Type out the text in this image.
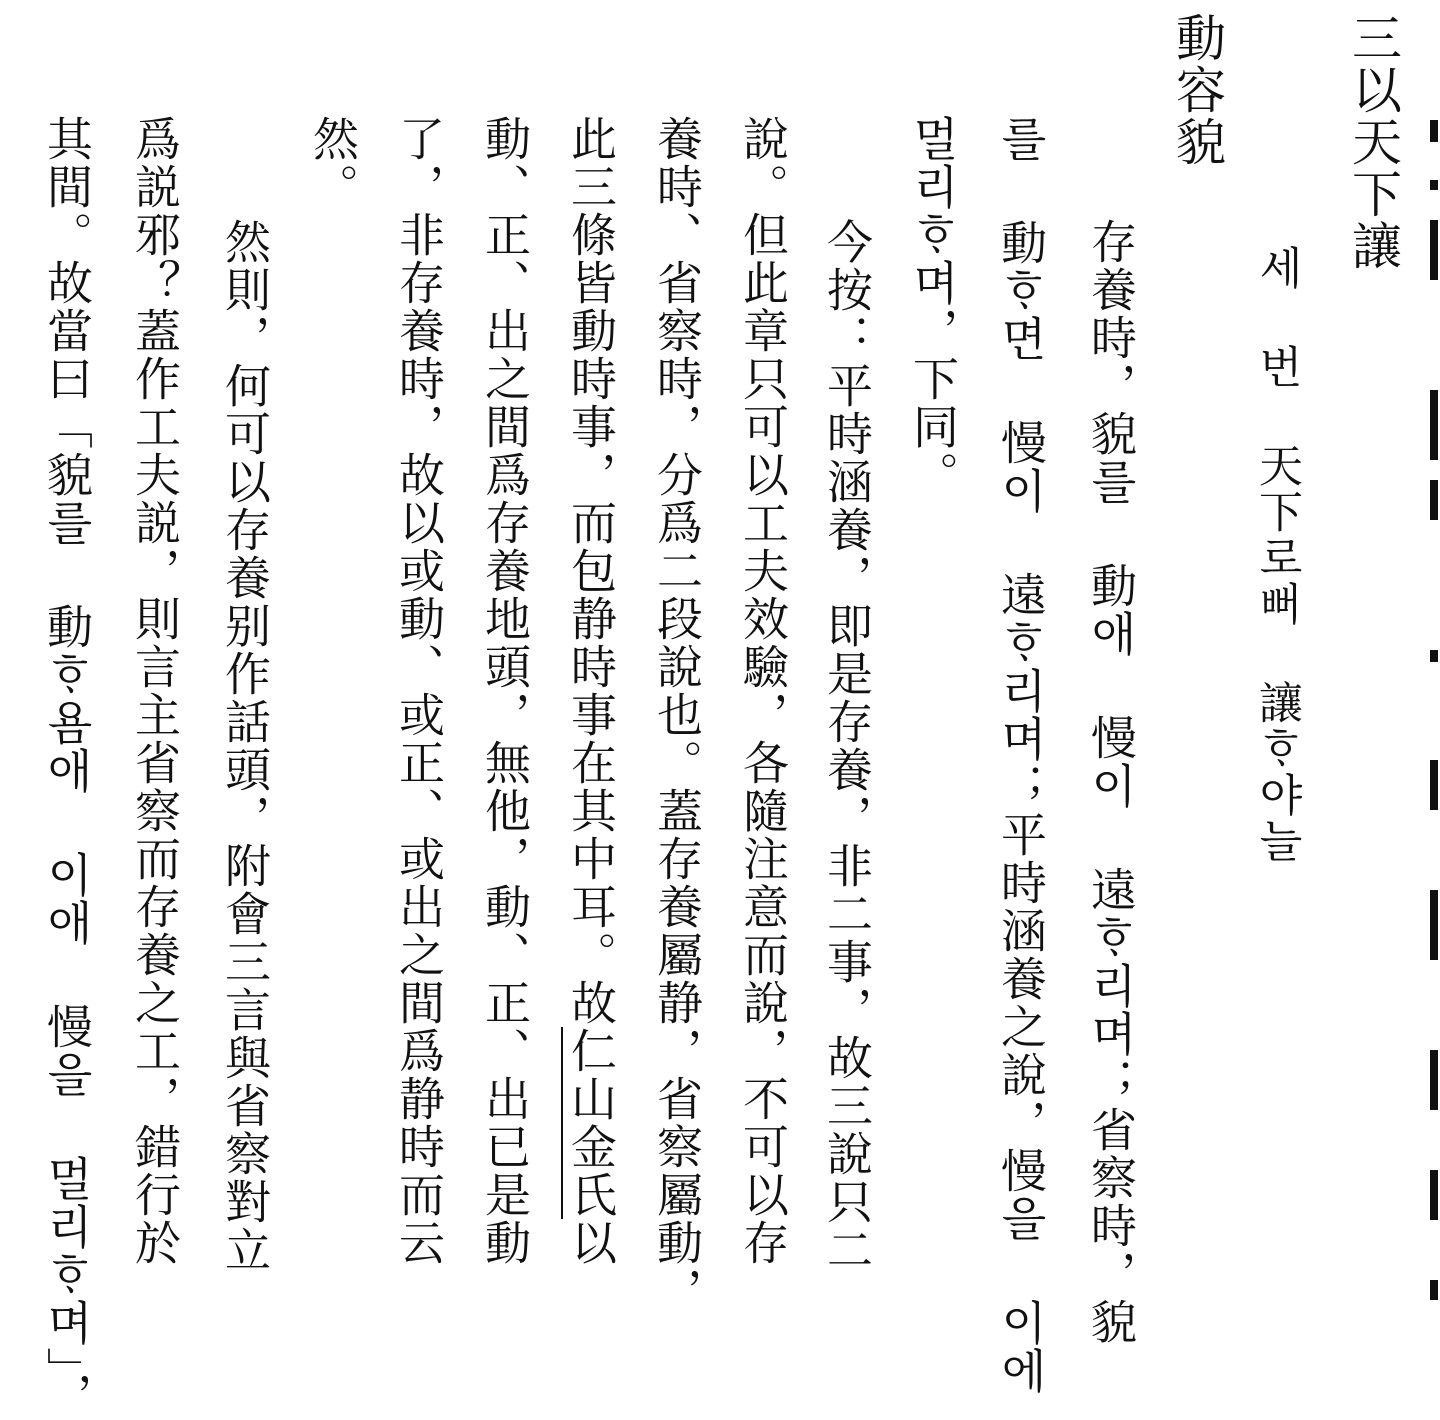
三以天下讓
세 번 天下로뻐 讓ᄒᆞ야늘
動容貌
存養時，貌를 動애 慢이 遠ᄒᆞ리며；省察時，貌
를 動ᄒᆞ면 慢이 遠ᄒᆞ리며；平時涵養之說，慢을 이에
멀리ᄒᆞ며，下同。
今按：平時涵養，即是存養，非二事，故三說只二
說。但此章只可以工夫效驗，各隨注意而說，不可以存
養時、省察時，分爲二段說也。蓋存養屬静，省察屬動，
此三條皆動時事，而包静時事在其中耳。故仁山金氏以
動、正、出之間爲存養地頭，無他，動、正、出已是動
了，非存養時，故以或動、或正、或出之間爲静時而云
然。
然則，何可以存養别作話頭，附會三言與省察對立
爲説邪？蓋作工夫説，則言主省察而存養之工，錯行於
其間。故當曰「貌를 動ᄒᆞ욤애 이애 慢을 멀리ᄒᆞ며」，
